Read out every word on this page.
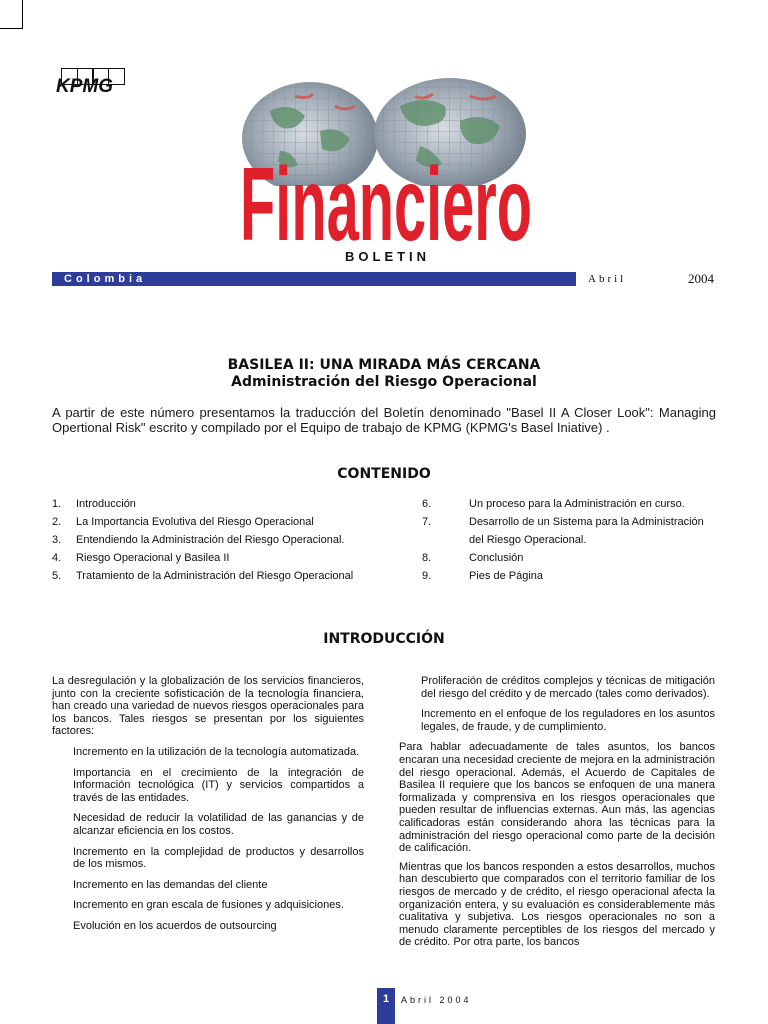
KPMG
Financiero
BOLETIN
Colombia	Abril	2004
BASILEA II: UNA MIRADA MÁS CERCANA
Administración del Riesgo Operacional
A partir de este número presentamos la traducción del Boletín denominado "Basel II A Closer Look": Managing Opertional Risk" escrito y compilado por el Equipo de trabajo de KPMG (KPMG's Basel Iniative) .
CONTENIDO
1. Introducción
2. La Importancia Evolutiva del Riesgo Operacional
3. Entendiendo la Administración del Riesgo Operacional.
4. Riesgo Operacional y Basilea II
5. Tratamiento de la Administración del Riesgo Operacional
6.	Un proceso para la Administración en curso.
7.	Desarrollo de un Sistema para la Administración
del Riesgo Operacional.
8.	Conclusión
9.	Pies de Página
INTRODUCCIÓN

La desregulación y la globalización de los servicios financieros, junto con la creciente sofisticación de la tecnología financiera, han creado una variedad de nuevos riesgos operacionales para los bancos. Tales riesgos se presentan por los siguientes factores:

Incremento en la utilización de la tecnología automatizada.

Importancia en el crecimiento de la integración de Información tecnológica (IT) y servicios compartidos a través de las entidades.

Necesidad de reducir la volatilidad de las ganancias y de alcanzar eficiencia en los costos.

Incremento en la complejidad de productos y desarrollos de los mismos.

Incremento en las demandas del cliente

Incremento en gran escala de fusiones y adquisiciones.

Evolución en los acuerdos de outsourcing

Proliferación de créditos complejos y técnicas de mitigación del riesgo del crédito y de mercado (tales como derivados).

Incremento en el enfoque de los reguladores en los asuntos legales, de fraude, y de cumplimiento.

Para hablar adecuadamente de tales asuntos, los bancos encaran una necesidad creciente de mejora en la administración del riesgo operacional. Además, el Acuerdo de Capitales de Basilea II requiere que los bancos se enfoquen de una manera formalizada y comprensiva en los riesgos operacionales que pueden resultar de influencias externas. Aun más, las agencias calificadoras están considerando ahora las técnicas para la administración del riesgo operacional como parte de la decisión de calificación.

Mientras que los bancos responden a estos desarrollos, muchos han descubierto que comparados con el territorio familiar de los riesgos de mercado y de crédito, el riesgo operacional afecta la organización entera, y su evaluación es considerablemente más cualitativa y subjetiva. Los riesgos operacionales no son a menudo claramente perceptibles de los riesgos del mercado y de crédito. Por otra parte, los bancos

1	Abril 2004
